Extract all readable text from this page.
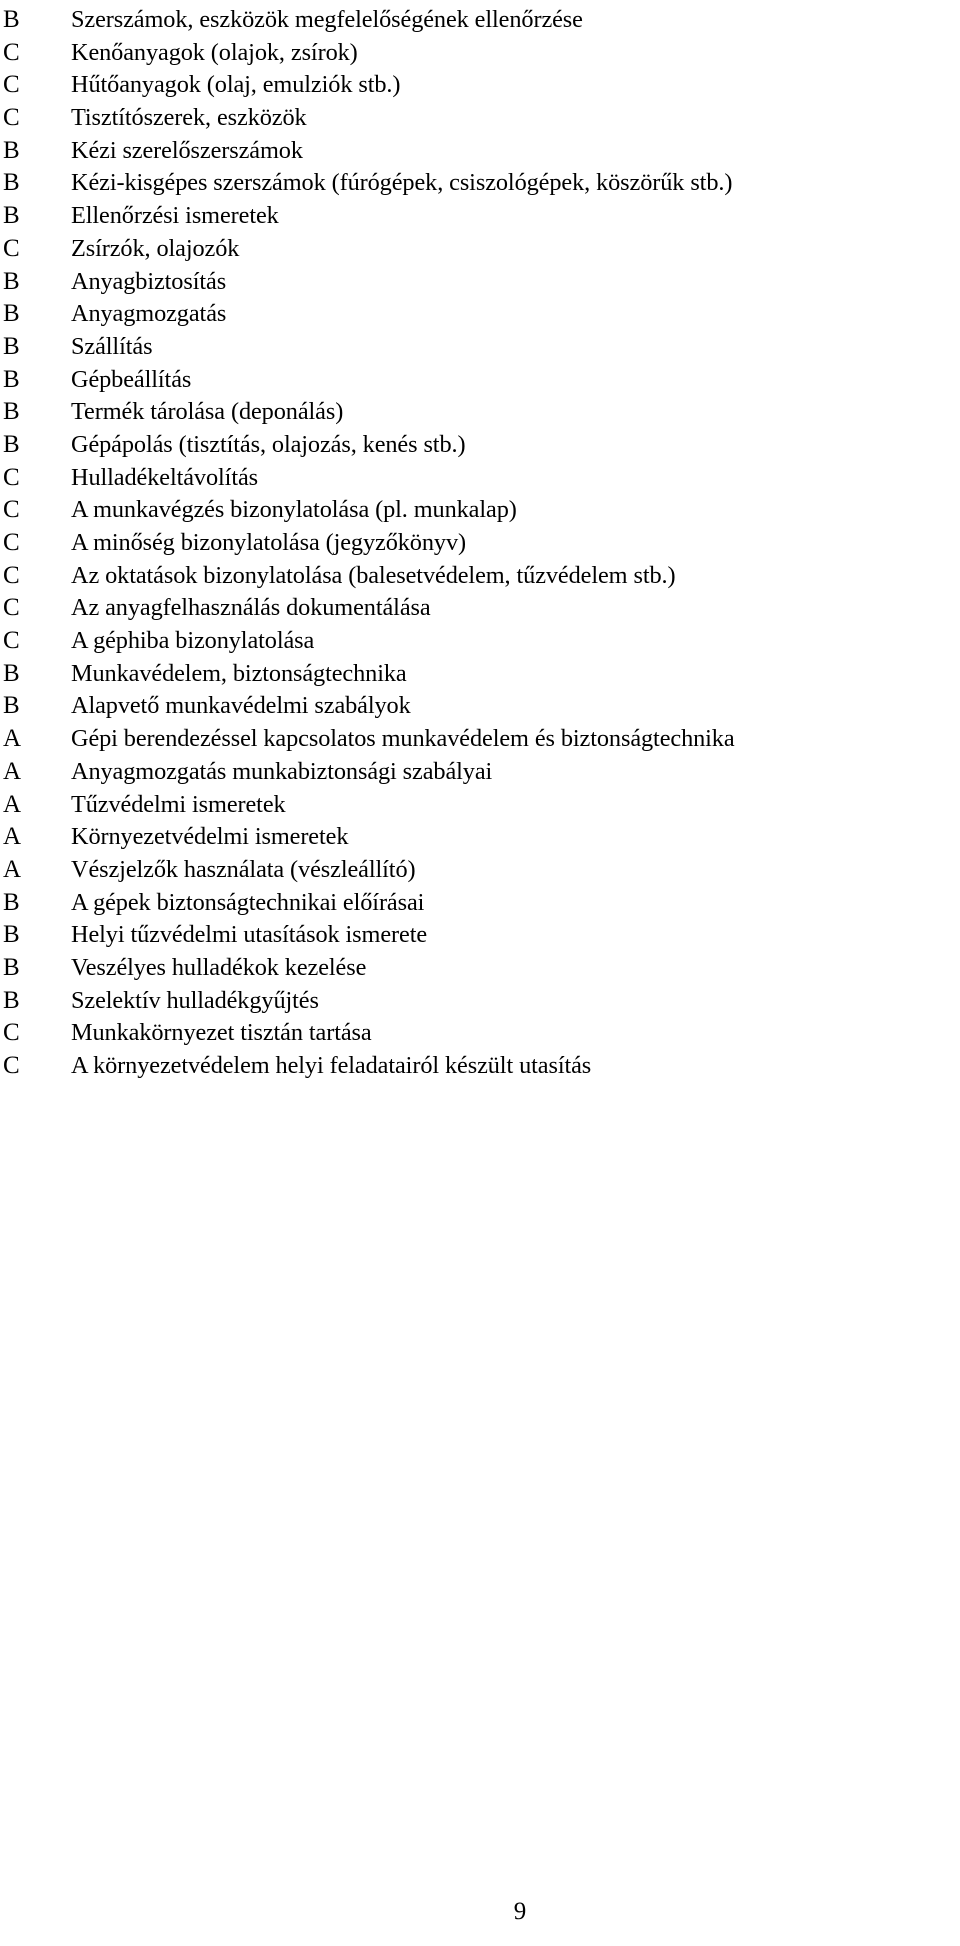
B	Szerszámok, eszközök megfelelőségének ellenőrzése
C	Kenőanyagok (olajok, zsírok)
C	Hűtőanyagok (olaj, emulziók stb.)
C	Tisztítószerek, eszközök
B	Kézi szerelőszerszámok
B	Kézi-kisgépes szerszámok (fúrógépek, csiszológépek, köszörűk stb.)
B	Ellenőrzési ismeretek
C	Zsírzók, olajozók
B	Anyagbiztosítás
B	Anyagmozgatás
B	Szállítás
B	Gépbeállítás
B	Termék tárolása (deponálás)
B	Gépápolás (tisztítás, olajozás, kenés stb.)
C	Hulladékeltávolítás
C	A munkavégzés bizonylatolása (pl. munkalap)
C	A minőség bizonylatolása (jegyzőkönyv)
C	Az oktatások bizonylatolása (balesetvédelem, tűzvédelem stb.)
C	Az anyagfelhasználás dokumentálása
C	A géphiba bizonylatolása
B	Munkavédelem, biztonságtechnika
B	Alapvető munkavédelmi szabályok
A	Gépi berendezéssel kapcsolatos munkavédelem és biztonságtechnika
A	Anyagmozgatás munkabiztonsági szabályai
A	Tűzvédelmi ismeretek
A	Környezetvédelmi ismeretek
A	Vészjelzők használata (vészleállító)
B	A gépek biztonságtechnikai előírásai
B	Helyi tűzvédelmi utasítások ismerete
B	Veszélyes hulladékok kezelése
B	Szelektív hulladékgyűjtés
C	Munkakörnyezet tisztán tartása
C	A környezetvédelem helyi feladatairól készült utasítás
9
